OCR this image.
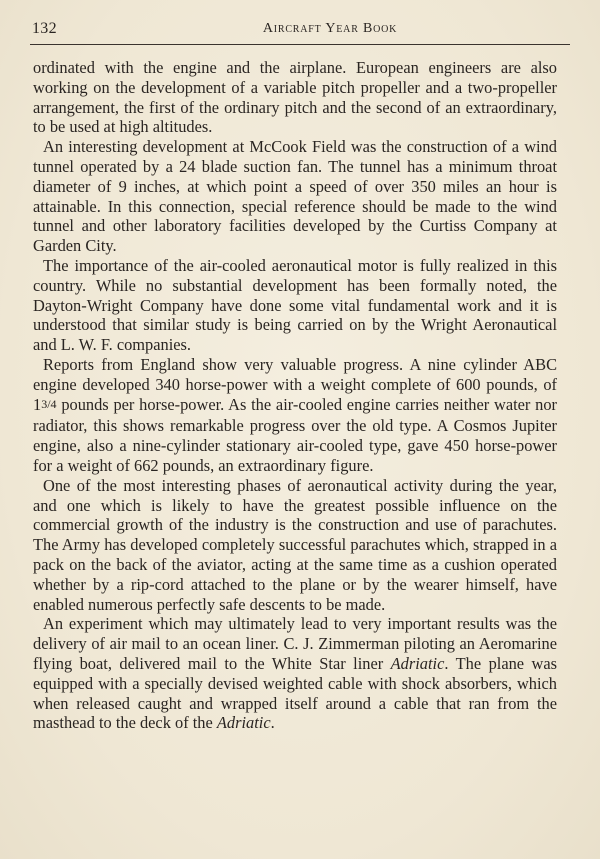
132	Aircraft Year Book

ordinated with the engine and the airplane. European engineers are also working on the development of a variable pitch propeller and a two-propeller arrangement, the first of the ordinary pitch and the second of an extraordinary, to be used at high altitudes.

An interesting development at McCook Field was the construction of a wind tunnel operated by a 24 blade suction fan. The tunnel has a minimum throat diameter of 9 inches, at which point a speed of over 350 miles an hour is attainable. In this connection, special reference should be made to the wind tunnel and other laboratory facilities developed by the Curtiss Company at Garden City.

The importance of the air-cooled aeronautical motor is fully realized in this country. While no substantial development has been formally noted, the Dayton-Wright Company have done some vital fundamental work and it is understood that similar study is being carried on by the Wright Aeronautical and L. W. F. companies.

Reports from England show very valuable progress. A nine cylinder ABC engine developed 340 horse-power with a weight complete of 600 pounds, of 13/4 pounds per horse-power. As the air-cooled engine carries neither water nor radiator, this shows remarkable progress over the old type. A Cosmos Jupiter engine, also a nine-cylinder stationary air-cooled type, gave 450 horse-power for a weight of 662 pounds, an extraordinary figure.

One of the most interesting phases of aeronautical activity during the year, and one which is likely to have the greatest possible influence on the commercial growth of the industry is the construction and use of parachutes. The Army has developed completely successful parachutes which, strapped in a pack on the back of the aviator, acting at the same time as a cushion operated whether by a rip-cord attached to the plane or by the wearer himself, have enabled numerous perfectly safe descents to be made.

An experiment which may ultimately lead to very important results was the delivery of air mail to an ocean liner. C. J. Zimmerman piloting an Aeromarine flying boat, delivered mail to the White Star liner Adriatic. The plane was equipped with a specially devised weighted cable with shock absorbers, which when released caught and wrapped itself around a cable that ran from the masthead to the deck of the Adriatic.
